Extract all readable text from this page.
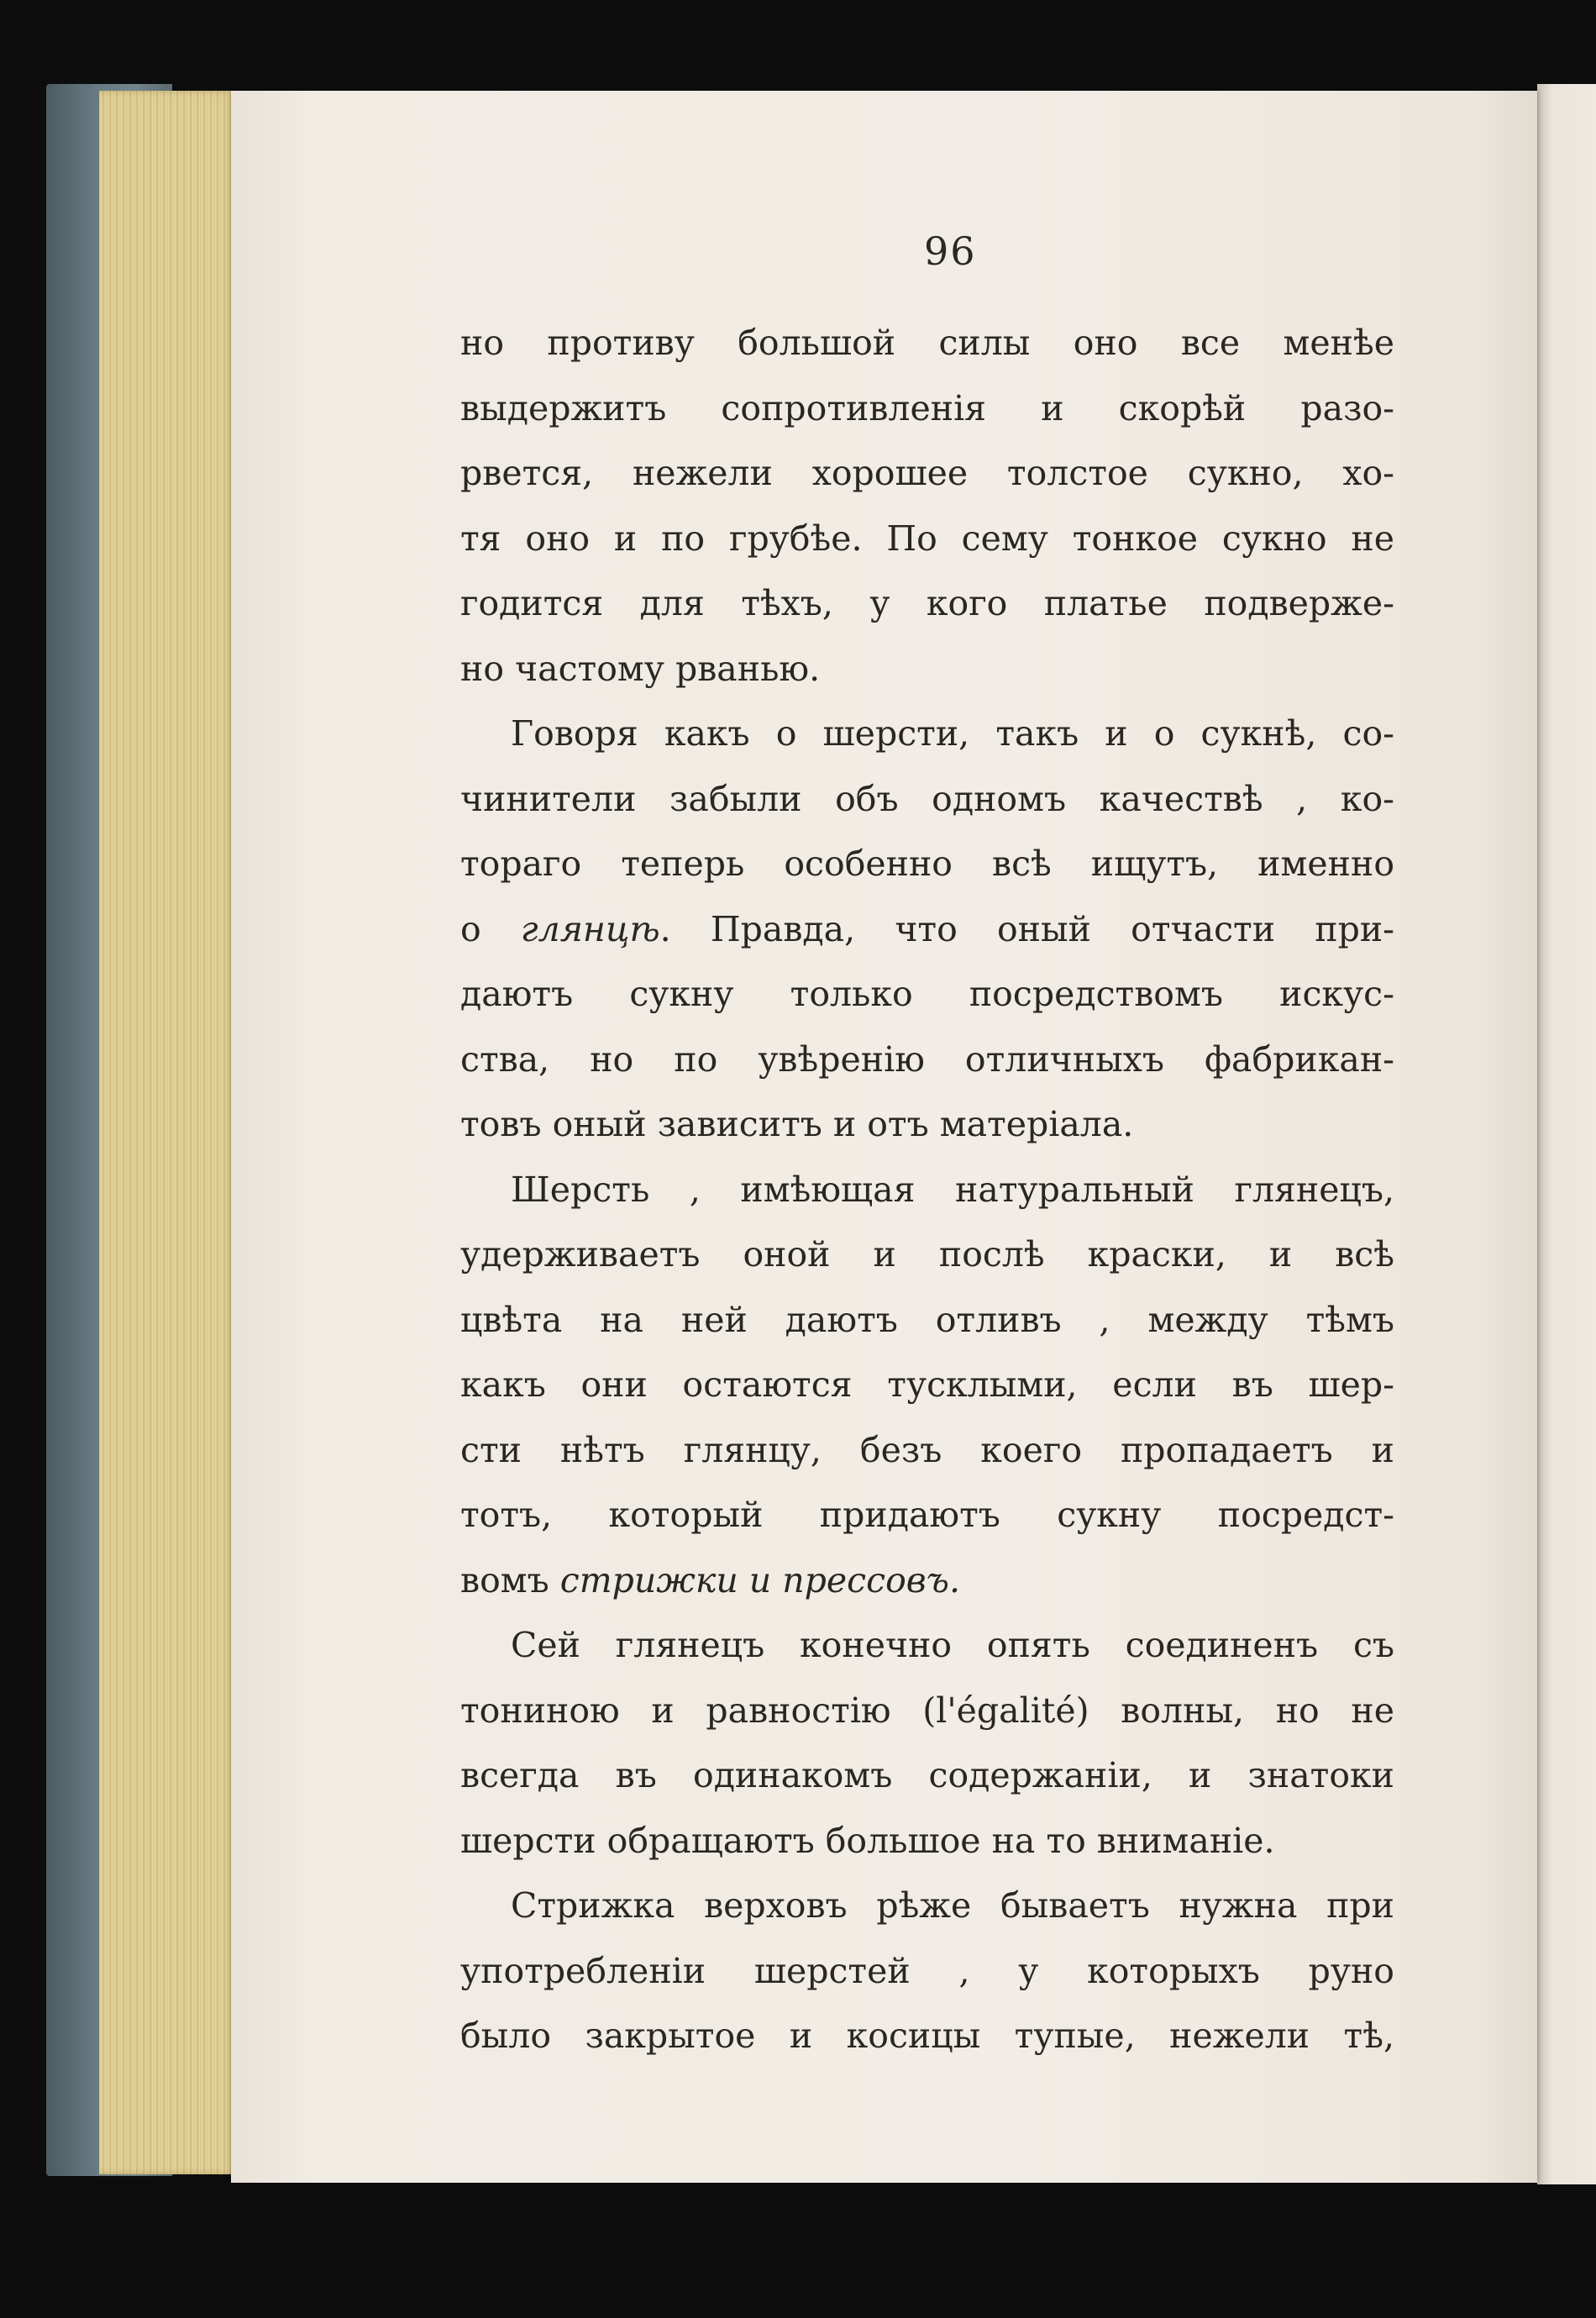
96
но противу большой силы оно все менѣе
выдержитъ сопротивленія и скорѣй разо-
рвется, нежели хорошее толстое сукно, хо-
тя оно и по грубѣе. По сему тонкое сукно не
годится для тѣхъ, у кого платье подверже-
но частому рванью.
Говоря какъ о шерсти, такъ и о сукнѣ, со-
чинители забыли объ одномъ качествѣ , ко-
тораго теперь особенно всѣ ищутъ, именно
о глянцѣ. Правда, что оный отчасти при-
даютъ сукну только посредствомъ искус-
ства, но по увѣренію отличныхъ фабрикан-
товъ оный зависитъ и отъ матеріала.
Шерсть , имѣющая натуральный глянецъ,
удерживаетъ оной и послѣ краски, и всѣ
цвѣта на ней даютъ отливъ , между тѣмъ
какъ они остаются тусклыми, если въ шер-
сти нѣтъ глянцу, безъ коего пропадаетъ и
тотъ, который придаютъ сукну посредст-
вомъ стрижки и прессовъ.
Сей глянецъ конечно опять соединенъ съ
тониною и равностію (l'égalité) волны, но не
всегда въ одинакомъ содержаніи, и знатоки
шерсти обращаютъ большое на то вниманіе.
Стрижка верховъ рѣже бываетъ нужна при
употребленіи шерстей , у которыхъ руно
было закрытое и косицы тупые, нежели тѣ,
